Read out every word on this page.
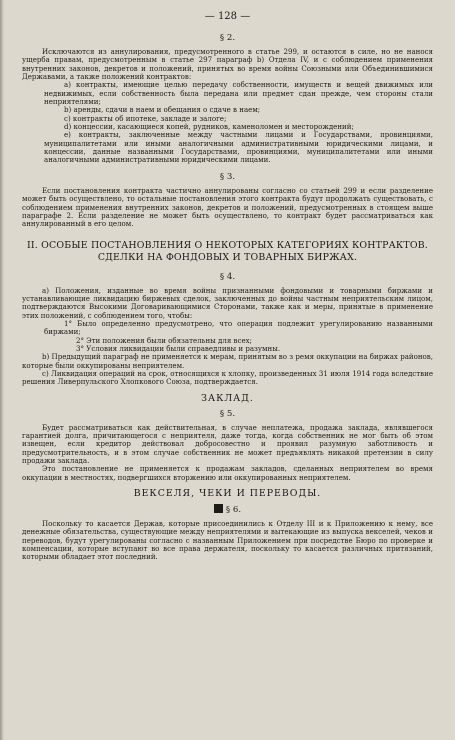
— 128 —
§ 2.

Исключаются из аннулирования, предусмотренного в статье 299, и остаются в силе, но не нанося ущерба правам, предусмотренным в статье 297 параграф b) Отдела IV, и с соблюдением применения внутренних законов, декретов и положений, принятых во время войны Союзными или Объединившимися Державами, а также положений контрактов:

а) контракты, имеющие целью передачу собственности, имуществ и вещей движимых или недвижимых, если собственность была передана или предмет сдан прежде, чем стороны стали неприятелями;

b) аренды, сдачи в наем и обещания о сдаче в наем;

с) контракты об ипотеке, закладе и залоге;

d) концессии, касающиеся копей, рудников, каменоломен и месторождений;

е) контракты, заключенные между частными лицами и Государствами, провинциями, муниципалитетами или иными аналогичными административными юридическими лицами, и концессии, данные названными Государствами, провинциями, муниципалитетами или иными аналогичными административными юридическими лицами.

§ 3.

Если постановления контракта частично аннулированы согласно со статьей 299 и если разделение может быть осуществлено, то остальные постановления этого контракта будут продолжать существовать, с соблюдением применения внутренних законов, декретов и положений, предусмотренных в стоящем выше параграфе 2. Если разделение не может быть осуществлено, то контракт будет рассматриваться как аннулированный в его целом.

II. ОСОБЫЕ ПОСТАНОВЛЕНИЯ О НЕКОТОРЫХ КАТЕГОРИЯХ КОНТРАКТОВ.
СДЕЛКИ НА ФОНДОВЫХ И ТОВАРНЫХ БИРЖАХ.
§ 4.

а) Положения, изданные во время войны признанными фондовыми и товарными биржами и устанавливающие ликвидацию биржевых сделок, заключенных до войны частным неприятельским лицом, подтверждаются Высокими Договаривающимися Сторонами, также как и меры, принятые в применение этих положений, с соблюдением того, чтобы:

1° Было определенно предусмотрено, что операция подлежит урегулированию названными биржами;

2° Эти положения были обязательны для всех;

3° Условия ликвидации были справедливы и разумны.

b) Предыдущий параграф не применяется к мерам, принятым во з ремя оккупации на биржах районов, которые были оккупированы неприятелем.

с) Ликвидация операций на срок, относящихся к хлопку, произведенных 31 июля 1914 года вследствие решения Ливерпульского Хлопкового Союза, подтверждается.

ЗАКЛАД.
§ 5.

Будет рассматриваться как действительная, в случае неплатежа, продажа заклада, являвшегося гарантией долга, причитающегося с неприятеля, даже тогда, когда собственник не мог быть об этом извещен, если кредитор действовал добросовестно и проявил разумную заботливость и предусмотрительность, и в этом случае собственник не может предъявлять никакой претензии в силу продажи заклада.

Это постановление не применяется к продажам закладов, сделанных неприятелем во время оккупации в местностях, подвергшихся вторжению или оккупированных неприятелем.

ВЕКСЕЛЯ, ЧЕКИ И ПЕРЕВОДЫ.
§ 6.

Поскольку то касается Держав, которые присоединились к Отделу III и к Приложению к нему, все денежные обязательства, существующие между неприятелями и вытекающие из выпуска векселей, чеков и переводов, будут урегулированы согласно с названным Приложением при посредстве Бюро по проверке и компенсации, которые вступают во все права держателя, поскольку то касается различных притязаний, которыми обладает этот последний.
